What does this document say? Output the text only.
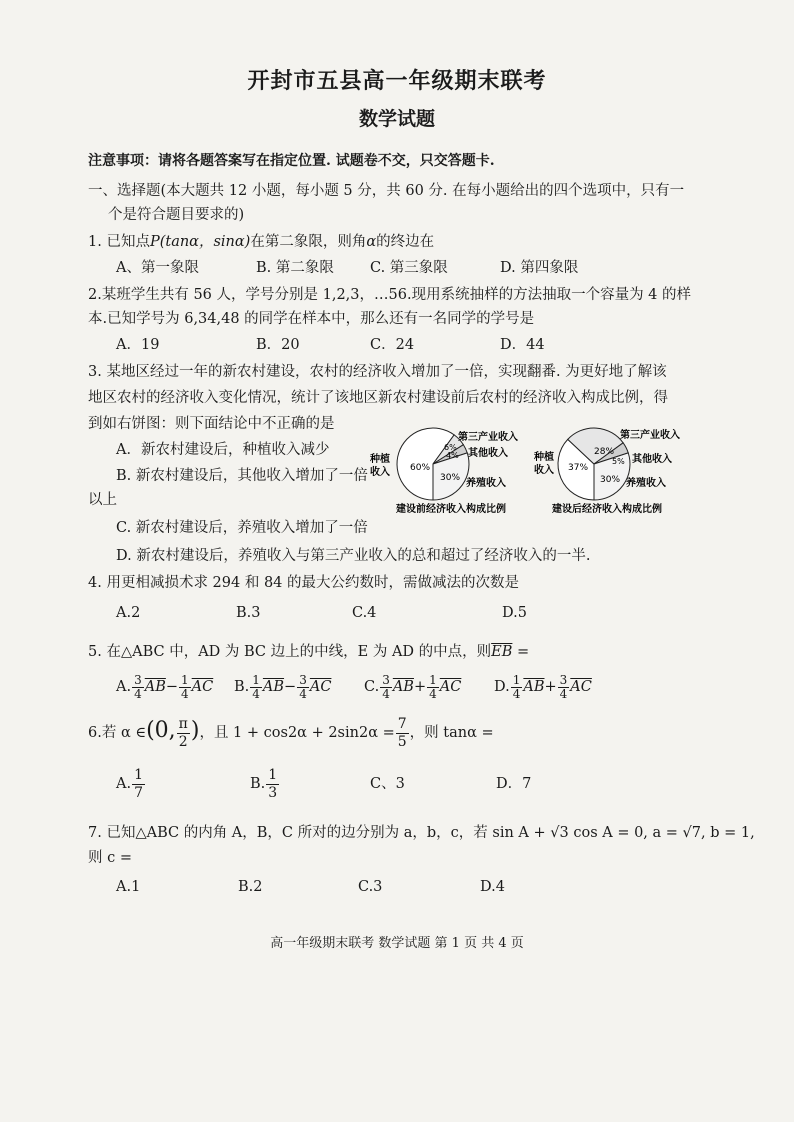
开封市五县高一年级期末联考
数学试题
注意事项：请将各题答案写在指定位置. 试题卷不交，只交答题卡.
一、选择题(本大题共 12 小题，每小题 5 分，共 60 分. 在每小题给出的四个选项中，只有一
个是符合题目要求的)
1. 已知点P(tanα，sinα)在第二象限，则角α的终边在
A、第一象限	B. 第二象限 C. 第三象限	D. 第四象限
2.某班学生共有 56 人，学号分别是 1,2,3，…56.现用系统抽样的方法抽取一个容量为 4 的样
本.已知学号为 6,34,48 的同学在样本中，那么还有一名同学的学号是
A．19	B．20	C．24	D．44
3. 某地区经过一年的新农村建设，农村的经济收入增加了一倍，实现翻番. 为更好地了解该
地区农村的经济收入变化情况，统计了该地区新农村建设前后农村的经济收入构成比例，得
到如右饼图：则下面结论中不正确的是
A．新农村建设后，种植收入减少
B. 新农村建设后，其他收入增加了一倍
以上
C. 新农村建设后，养殖收入增加了一倍
D. 新农村建设后，养殖收入与第三产业收入的总和超过了经济收入的一半.
种植
收入
第三产业收入
其他收入
养殖收入
60%
6%
4%
30%
建设前经济收入构成比例
种植
收入
第三产业收入
其他收入
养殖收入
37%
28%
5%
30%
建设后经济收入构成比例
4. 用更相减损术求 294 和 84 的最大公约数时，需做减法的次数是
A.2	B.3	C.4	D.5
5. 在△ABC 中，AD 为 BC 边上的中线，E 为 AD 的中点，则$\overline{EB}$ =
A. $\frac{3}{4} \overline{AB}- \frac{1}{4} \overline{AC}$ B. $\frac{1}{4} \overline{AB}- \frac{3}{4} \overline{AC}$ C. $\frac{3}{4} \overline{AB}+ \frac{1}{4} \overline{AC}$ D. $\frac{1}{4} \overline{AB}+ \frac{3}{4} \overline{AC}$
6.若 α ∈(0, $\frac{\pi}{2}$ )，且 $1 + \cos 2\alpha + 2\sin 2\alpha = \frac{7}{5}$ ，则 tanα =
A. $\frac{1}{7}$	B. $\frac{1}{3}$	C、3	D．7
7. 已知△ABC 的内角 A，B，C 所对的边分别为 a，b，c，若 sin A + √3 cos A = 0, a = √7, b = 1,
则 c =
A.1	B.2	C.3	D.4
高一年级期末联考 数学试题 第 1 页 共 4 页
